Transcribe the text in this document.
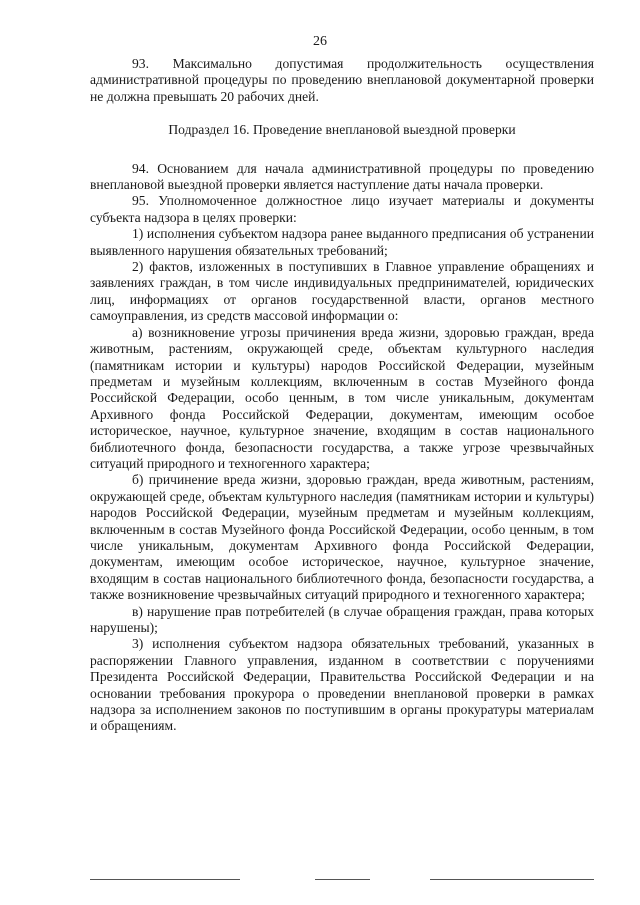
26

93. Максимально допустимая продолжительность осуществления административной процедуры по проведению внеплановой документарной проверки не должна превышать 20 рабочих дней.

Подраздел 16. Проведение внеплановой выездной проверки

94. Основанием для начала административной процедуры по проведению внеплановой выездной проверки является наступление даты начала проверки.

95. Уполномоченное должностное лицо изучает материалы и документы субъекта надзора в целях проверки:

1) исполнения субъектом надзора ранее выданного предписания об устранении выявленного нарушения обязательных требований;

2) фактов, изложенных в поступивших в Главное управление обращениях и заявлениях граждан, в том числе индивидуальных предпринимателей, юридических лиц, информациях от органов государственной власти, органов местного самоуправления, из средств массовой информации о:

а) возникновение угрозы причинения вреда жизни, здоровью граждан, вреда животным, растениям, окружающей среде, объектам культурного наследия (памятникам истории и культуры) народов Российской Федерации, музейным предметам и музейным коллекциям, включенным в состав Музейного фонда Российской Федерации, особо ценным, в том числе уникальным, документам Архивного фонда Российской Федерации, документам, имеющим особое историческое, научное, культурное значение, входящим в состав национального библиотечного фонда, безопасности государства, а также угрозе чрезвычайных ситуаций природного и техногенного характера;

б) причинение вреда жизни, здоровью граждан, вреда животным, растениям, окружающей среде, объектам культурного наследия (памятникам истории и культуры) народов Российской Федерации, музейным предметам и музейным коллекциям, включенным в состав Музейного фонда Российской Федерации, особо ценным, в том числе уникальным, документам Архивного фонда Российской Федерации, документам, имеющим особое историческое, научное, культурное значение, входящим в состав национального библиотечного фонда, безопасности государства, а также возникновение чрезвычайных ситуаций природного и техногенного характера;

в) нарушение прав потребителей (в случае обращения граждан, права которых нарушены);

3) исполнения субъектом надзора обязательных требований, указанных в распоряжении Главного управления, изданном в соответствии с поручениями Президента Российской Федерации, Правительства Российской Федерации и на основании требования прокурора о проведении внеплановой проверки в рамках надзора за исполнением законов по поступившим в органы прокуратуры материалам и обращениям.
